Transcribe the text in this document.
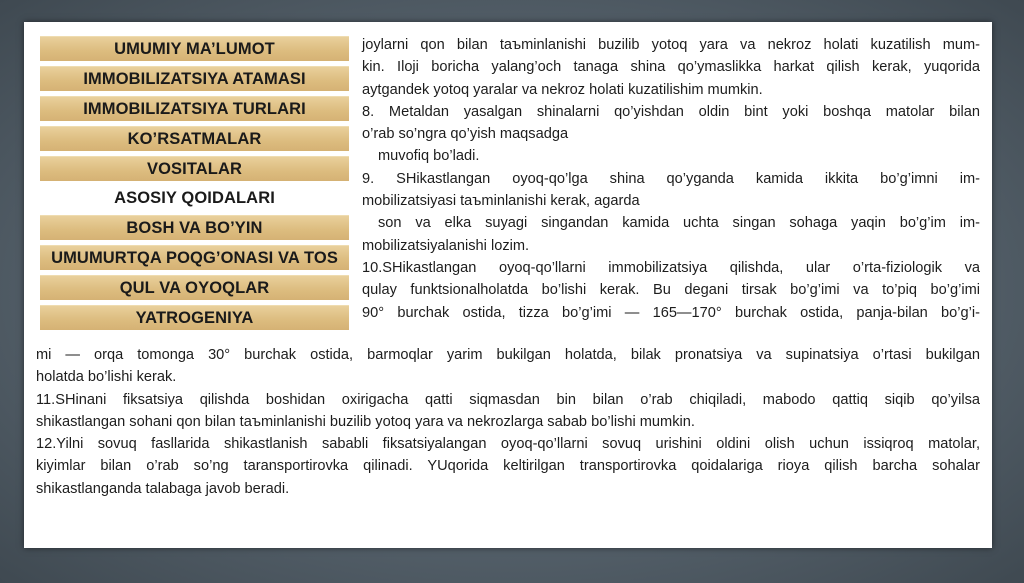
UMUMIY MA’LUMOT
IMMOBILIZATSIYA ATAMASI
IMMOBILIZATSIYA TURLARI
KO’RSATMALAR
VOSITALAR
ASOSIY QOIDALARI
BOSH VA BO’YIN
UMUMURTQA POQG’ONASI VA TOS
QUL VA OYOQLAR
YATROGENIYA
joylarni qon bilan taъminlanishi buzilib yotoq yara va nekroz holati kuzatilish mum-
kin. Iloji boricha yalang’och tanaga shina qo’ymaslikka harkat qilish kerak, yuqorida
aytgandek yotoq yaralar va nekroz holati kuzatilishim mumkin.
8. Metaldan yasalgan shinalarni qo’yishdan oldin bint yoki boshqa matolar bilan
o’rab so’ngra qo’yish maqsadga
muvofiq bo’ladi.
9. SHikastlangan oyoq-qo’lga shina qo’yganda kamida ikkita bo’g’imni im-
mobilizatsiyasi taъminlanishi kerak, agarda
son va elka suyagi singandan kamida uchta singan sohaga yaqin bo’g’im im-
mobilizatsiyalanishi lozim.
10.SHikastlangan oyoq-qo’llarni immobilizatsiya qilishda, ular o’rta-fiziologik va
qulay funktsionalholatda bo’lishi kerak. Bu degani tirsak bo’g’imi va to’piq bo’g’imi
90° burchak ostida, tizza bo’g’imi — 165—170° burchak ostida, panja-bilan bo’g’i-
mi — orqa tomonga 30° burchak ostida, barmoqlar yarim bukilgan holatda, bilak pronatsiya va supinatsiya o’rtasi bukilgan
holatda bo’lishi kerak.
11.SHinani fiksatsiya qilishda boshidan oxirigacha qatti siqmasdan bin bilan o’rab chiqiladi, mabodo qattiq siqib qo’yilsa
shikastlangan sohani qon bilan taъminlanishi buzilib yotoq yara va nekrozlarga sabab bo’lishi mumkin.
12.Yilni sovuq fasllarida shikastlanish sababli fiksatsiyalangan oyoq-qo’llarni sovuq urishini oldini olish uchun issiqroq matolar,
kiyimlar bilan o’rab so’ng taransportirovka qilinadi. YUqorida keltirilgan transportirovka qoidalariga rioya qilish barcha sohalar
shikastlanganda talabaga javob beradi.
